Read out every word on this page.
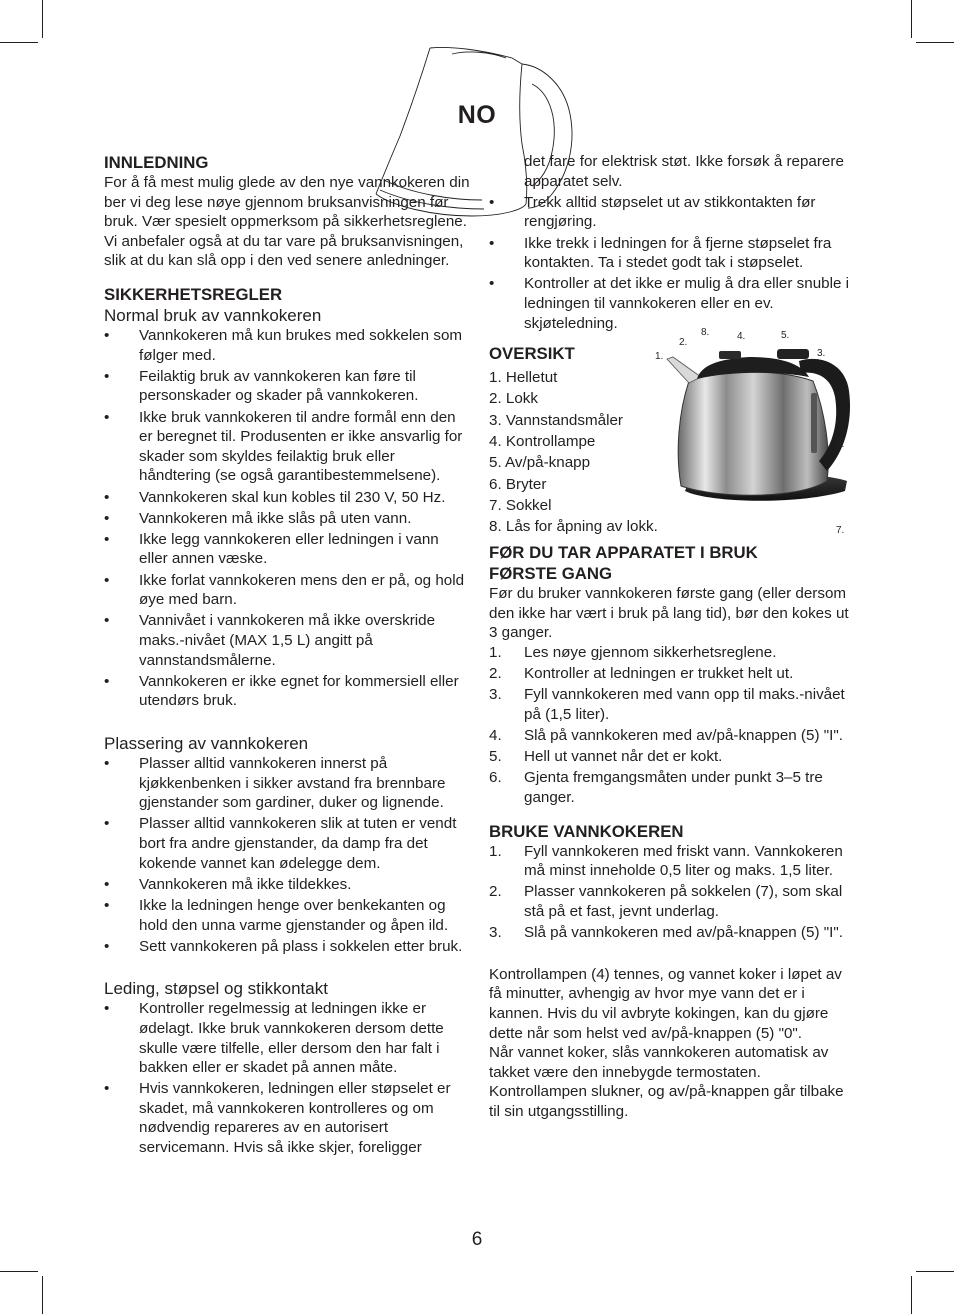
NO
INNLEDNING

For å få mest mulig glede av den nye vannkokeren din ber vi deg lese nøye gjennom bruksanvisningen før bruk. Vær spesielt oppmerksom på sikkerhetsreglene. Vi anbefaler også at du tar vare på bruksanvisningen, slik at du kan slå opp i den ved senere anledninger.

SIKKERHETSREGLER
Normal bruk av vannkokeren
• Vannkokeren må kun brukes med sokkelen som følger med.
• Feilaktig bruk av vannkokeren kan føre til personskader og skader på vannkokeren.
• Ikke bruk vannkokeren til andre formål enn den er beregnet til. Produsenten er ikke ansvarlig for skader som skyldes feilaktig bruk eller håndtering (se også garantibestemmelsene).
• Vannkokeren skal kun kobles til 230 V, 50 Hz.
• Vannkokeren må ikke slås på uten vann.
• Ikke legg vannkokeren eller ledningen i vann eller annen væske.
• Ikke forlat vannkokeren mens den er på, og hold øye med barn.
• Vannivået i vannkokeren må ikke overskride maks.-nivået (MAX 1,5 L) angitt på vannstandsmålerne.
• Vannkokeren er ikke egnet for kommersiell eller utendørs bruk.
Plassering av vannkokeren
• Plasser alltid vannkokeren innerst på kjøkkenbenken i sikker avstand fra brennbare gjenstander som gardiner, duker og lignende.
• Plasser alltid vannkokeren slik at tuten er vendt bort fra andre gjenstander, da damp fra det kokende vannet kan ødelegge dem.
• Vannkokeren må ikke tildekkes.
• Ikke la ledningen henge over benkekanten og hold den unna varme gjenstander og åpen ild.
• Sett vannkokeren på plass i sokkelen etter bruk.
Leding, støpsel og stikkontakt
• Kontroller regelmessig at ledningen ikke er ødelagt. Ikke bruk vannkokeren dersom dette skulle være tilfelle, eller dersom den har falt i bakken eller er skadet på annen måte.
• Hvis vannkokeren, ledningen eller støpselet er skadet, må vannkokeren kontrolleres og om nødvendig repareres av en autorisert servicemann. Hvis så ikke skjer, foreligger
det fare for elektrisk støt. Ikke forsøk å reparere apparatet selv.
• Trekk alltid støpselet ut av stikkontakten før rengjøring.
• Ikke trekk i ledningen for å fjerne støpselet fra kontakten. Ta i stedet godt tak i støpselet.
• Kontroller at det ikke er mulig å dra eller snuble i ledningen til vannkokeren eller en ev. skjøteledning.
OVERSIKT
1. Helletut
2. Lokk
3. Vannstandsmåler
4. Kontrollampe
5. Av/på-knapp
6. Bryter
7. Sokkel
8. Lås for åpning av lokk.
1.
2.
8.	4.	5.
3.
6.
7.
FØR DU TAR APPARATET I BRUK
FØRSTE GANG

Før du bruker vannkokeren første gang (eller dersom den ikke har vært i bruk på lang tid), bør den kokes ut 3 ganger.

1. Les nøye gjennom sikkerhetsreglene.
2. Kontroller at ledningen er trukket helt ut.
3. Fyll vannkokeren med vann opp til maks.-nivået på (1,5 liter).
4. Slå på vannkokeren med av/på-knappen (5) "I".
5. Hell ut vannet når det er kokt.
6. Gjenta fremgangsmåten under punkt 3–5 tre ganger.
BRUKE VANNKOKEREN
1. Fyll vannkokeren med friskt vann. Vannkokeren må minst inneholde 0,5 liter og maks. 1,5 liter.
2. Plasser vannkokeren på sokkelen (7), som skal stå på et fast, jevnt underlag.
3. Slå på vannkokeren med av/på-knappen (5) "I".

Kontrollampen (4) tennes, og vannet koker i løpet av få minutter, avhengig av hvor mye vann det er i kannen. Hvis du vil avbryte kokingen, kan du gjøre dette når som helst ved av/på-knappen (5) "0".

Når vannet koker, slås vannkokeren automatisk av takket være den innebygde termostaten. Kontrollampen slukner, og av/på-knappen går tilbake til sin utgangsstilling.

6
